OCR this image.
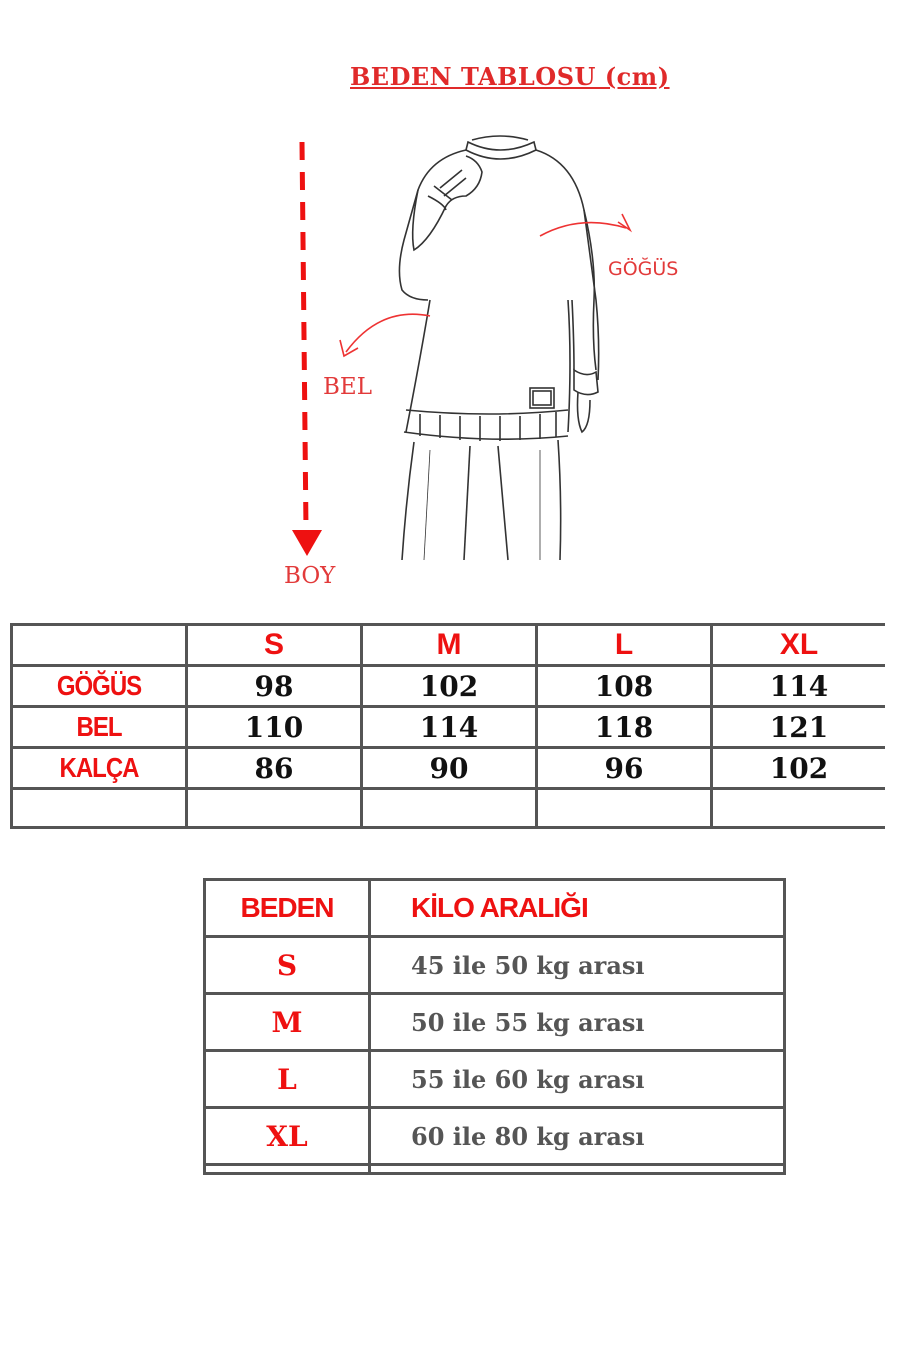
BEDEN TABLOSU (cm)
GÖĞÜS
BEL
BOY
	S	M	L	XL
GÖĞÜS	98	102	108	114
BEL	110	114	118	121
KALÇA	86	90	96	102

BEDEN	KİLO ARALIĞI
S	45 ile 50 kg arası
M	50 ile 55 kg arası
L	55 ile 60 kg arası
XL	60 ile 80 kg arası
